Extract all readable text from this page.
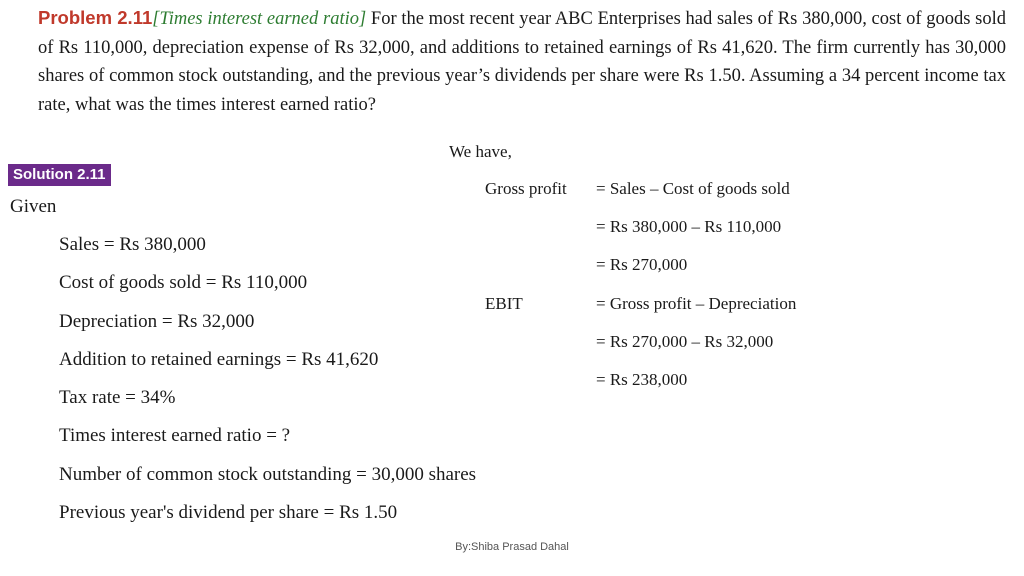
Problem 2.11[Times interest earned ratio] For the most recent year ABC Enterprises had sales of Rs 380,000, cost of goods sold of Rs 110,000, depreciation expense of Rs 32,000, and additions to retained earnings of Rs 41,620. The firm currently has 30,000 shares of common stock outstanding, and the previous year’s dividends per share were Rs 1.50. Assuming a 34 percent income tax rate, what was the times interest earned ratio?
Solution 2.11
Given
Sales = Rs 380,000
Cost of goods sold = Rs 110,000
Depreciation = Rs 32,000
Addition to retained earnings = Rs 41,620
Tax rate = 34%
Times interest earned ratio = ?
Number of common stock outstanding = 30,000 shares
Previous year's dividend per share = Rs 1.50
We have,
Gross profit = Sales – Cost of goods sold
= Rs 380,000 – Rs 110,000
= Rs 270,000
EBIT	= Gross profit – Depreciation
= Rs 270,000 – Rs 32,000
= Rs 238,000
By:Shiba Prasad Dahal
